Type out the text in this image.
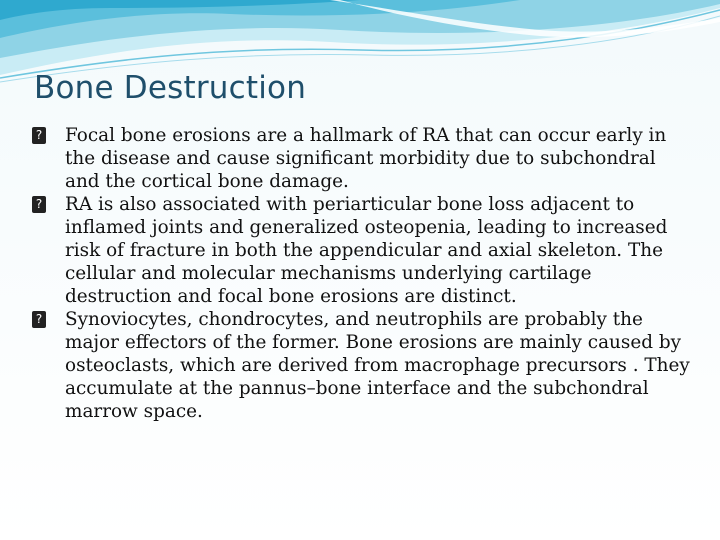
Bone Destruction
? Focal bone erosions are a hallmark of RA that can occur early in the disease and cause significant morbidity due to subchondral and the cortical bone damage.
? RA is also associated with periarticular bone loss adjacent to inflamed joints and generalized osteopenia, leading to increased risk of fracture in both the appendicular and axial skeleton. The cellular and molecular mechanisms underlying cartilage destruction and focal bone erosions are distinct.
? Synoviocytes, chondrocytes, and neutrophils are probably the major effectors of the former. Bone erosions are mainly caused by osteoclasts, which are derived from macrophage precursors . They accumulate at the pannus–bone interface and the subchondral marrow space.
